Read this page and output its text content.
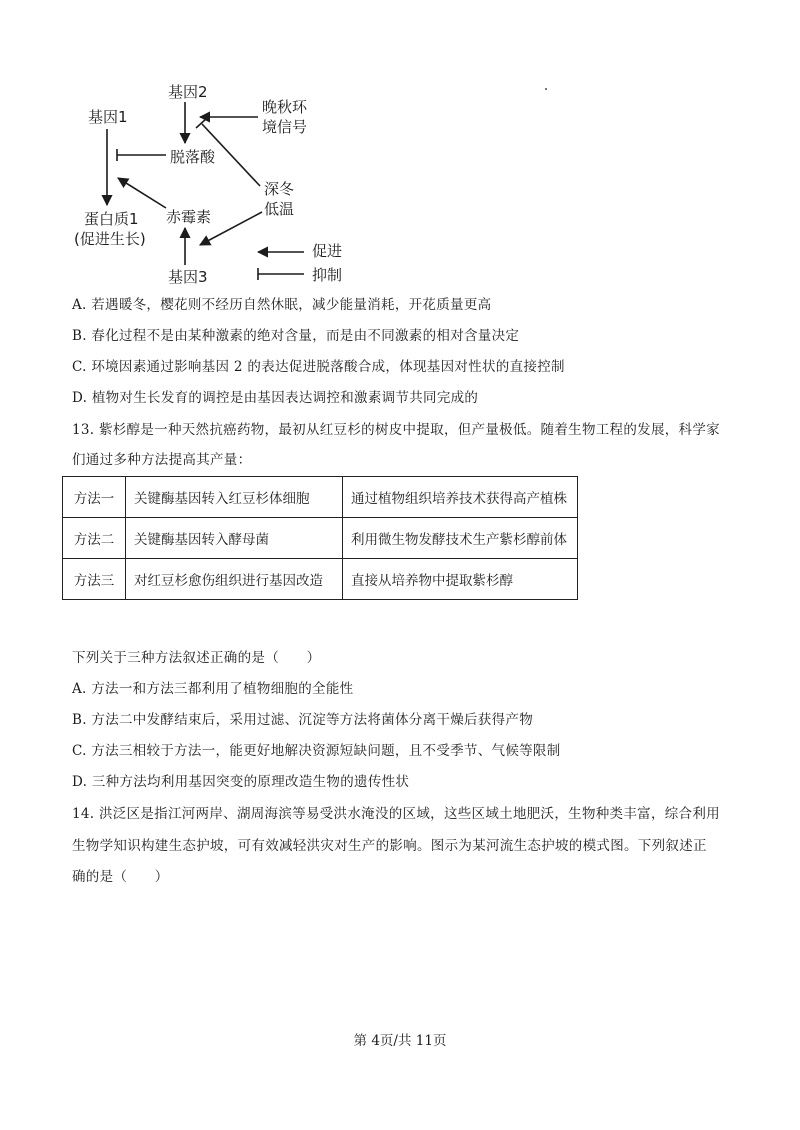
基因1
基因2
脱落酸
赤霉素
基因3
蛋白质1
(促进生长)
晚秋环
境信号
深冬
低温
促进
抑制
A. 若遇暖冬，樱花则不经历自然休眠，减少能量消耗，开花质量更高
B. 春化过程不是由某种激素的绝对含量，而是由不同激素的相对含量决定
C. 环境因素通过影响基因 2 的表达促进脱落酸合成，体现基因对性状的直接控制
D. 植物对生长发育的调控是由基因表达调控和激素调节共同完成的
13. 紫杉醇是一种天然抗癌药物，最初从红豆杉的树皮中提取，但产量极低。随着生物工程的发展，科学家
们通过多种方法提高其产量：
方法一	关键酶基因转入红豆杉体细胞	通过植物组织培养技术获得高产植株
方法二	关键酶基因转入酵母菌	利用微生物发酵技术生产紫杉醇前体
方法三	对红豆杉愈伤组织进行基因改造	直接从培养物中提取紫杉醇
下列关于三种方法叙述正确的是（　　）
A. 方法一和方法三都利用了植物细胞的全能性
B. 方法二中发酵结束后，采用过滤、沉淀等方法将菌体分离干燥后获得产物
C. 方法三相较于方法一，能更好地解决资源短缺问题，且不受季节、气候等限制
D. 三种方法均利用基因突变的原理改造生物的遗传性状
14. 洪泛区是指江河两岸、湖周海滨等易受洪水淹没的区域，这些区域土地肥沃，生物种类丰富，综合利用
生物学知识构建生态护坡，可有效减轻洪灾对生产的影响。图示为某河流生态护坡的模式图。下列叙述正
确的是（　　）
第 4页/共 11页
